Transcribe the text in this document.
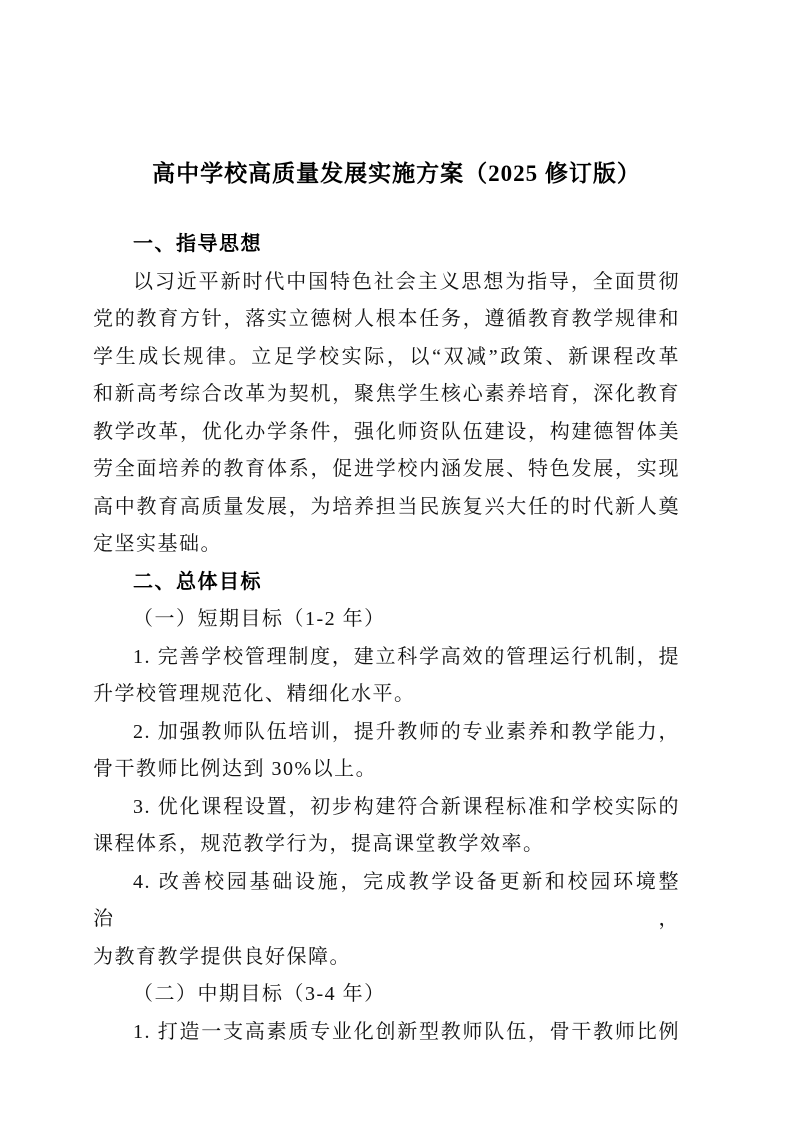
高中学校高质量发展实施方案（2025 修订版）
一、指导思想
以习近平新时代中国特色社会主义思想为指导，全面贯彻
党的教育方针，落实立德树人根本任务，遵循教育教学规律和
学生成长规律。立足学校实际，以“双减”政策、新课程改革
和新高考综合改革为契机，聚焦学生核心素养培育，深化教育
教学改革，优化办学条件，强化师资队伍建设，构建德智体美
劳全面培养的教育体系，促进学校内涵发展、特色发展，实现
高中教育高质量发展，为培养担当民族复兴大任的时代新人奠
定坚实基础。
二、总体目标
（一）短期目标（1-2 年）
1. 完善学校管理制度，建立科学高效的管理运行机制，提
升学校管理规范化、精细化水平。
2. 加强教师队伍培训，提升教师的专业素养和教学能力，
骨干教师比例达到 30%以上。
3. 优化课程设置，初步构建符合新课程标准和学校实际的
课程体系，规范教学行为，提高课堂教学效率。
4. 改善校园基础设施，完成教学设备更新和校园环境整治，
为教育教学提供良好保障。
（二）中期目标（3-4 年）
1. 打造一支高素质专业化创新型教师队伍，骨干教师比例
